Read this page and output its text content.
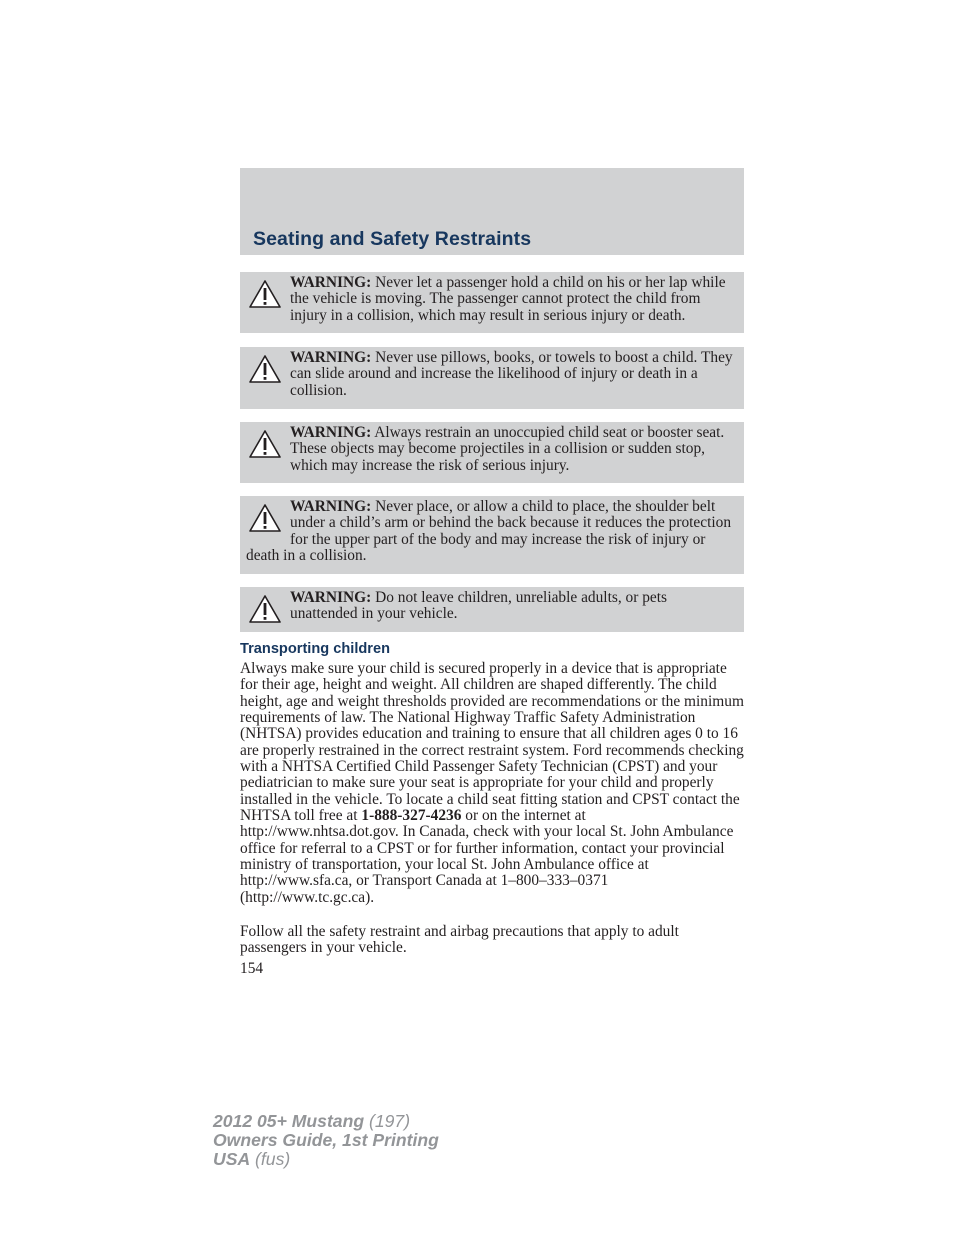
Seating and Safety Restraints
WARNING: Never let a passenger hold a child on his or her lap while the vehicle is moving. The passenger cannot protect the child from injury in a collision, which may result in serious injury or death.
WARNING: Never use pillows, books, or towels to boost a child. They can slide around and increase the likelihood of injury or death in a collision.
WARNING: Always restrain an unoccupied child seat or booster seat. These objects may become projectiles in a collision or sudden stop, which may increase the risk of serious injury.
WARNING: Never place, or allow a child to place, the shoulder belt under a child’s arm or behind the back because it reduces the protection for the upper part of the body and may increase the risk of injury or death in a collision.
WARNING: Do not leave children, unreliable adults, or pets unattended in your vehicle.
Transporting children

Always make sure your child is secured properly in a device that is appropriate for their age, height and weight. All children are shaped differently. The child height, age and weight thresholds provided are recommendations or the minimum requirements of law. The National Highway Traffic Safety Administration (NHTSA) provides education and training to ensure that all children ages 0 to 16 are properly restrained in the correct restraint system. Ford recommends checking with a NHTSA Certified Child Passenger Safety Technician (CPST) and your pediatrician to make sure your seat is appropriate for your child and properly installed in the vehicle. To locate a child seat fitting station and CPST contact the NHTSA toll free at 1-888-327-4236 or on the internet at http://www.nhtsa.dot.gov. In Canada, check with your local St. John Ambulance office for referral to a CPST or for further information, contact your provincial ministry of transportation, your local St. John Ambulance office at http://www.sfa.ca, or Transport Canada at 1–800–333–0371 (http://www.tc.gc.ca).

Follow all the safety restraint and airbag precautions that apply to adult passengers in your vehicle.

154
2012 05+ Mustang (197)
Owners Guide, 1st Printing
USA (fus)
